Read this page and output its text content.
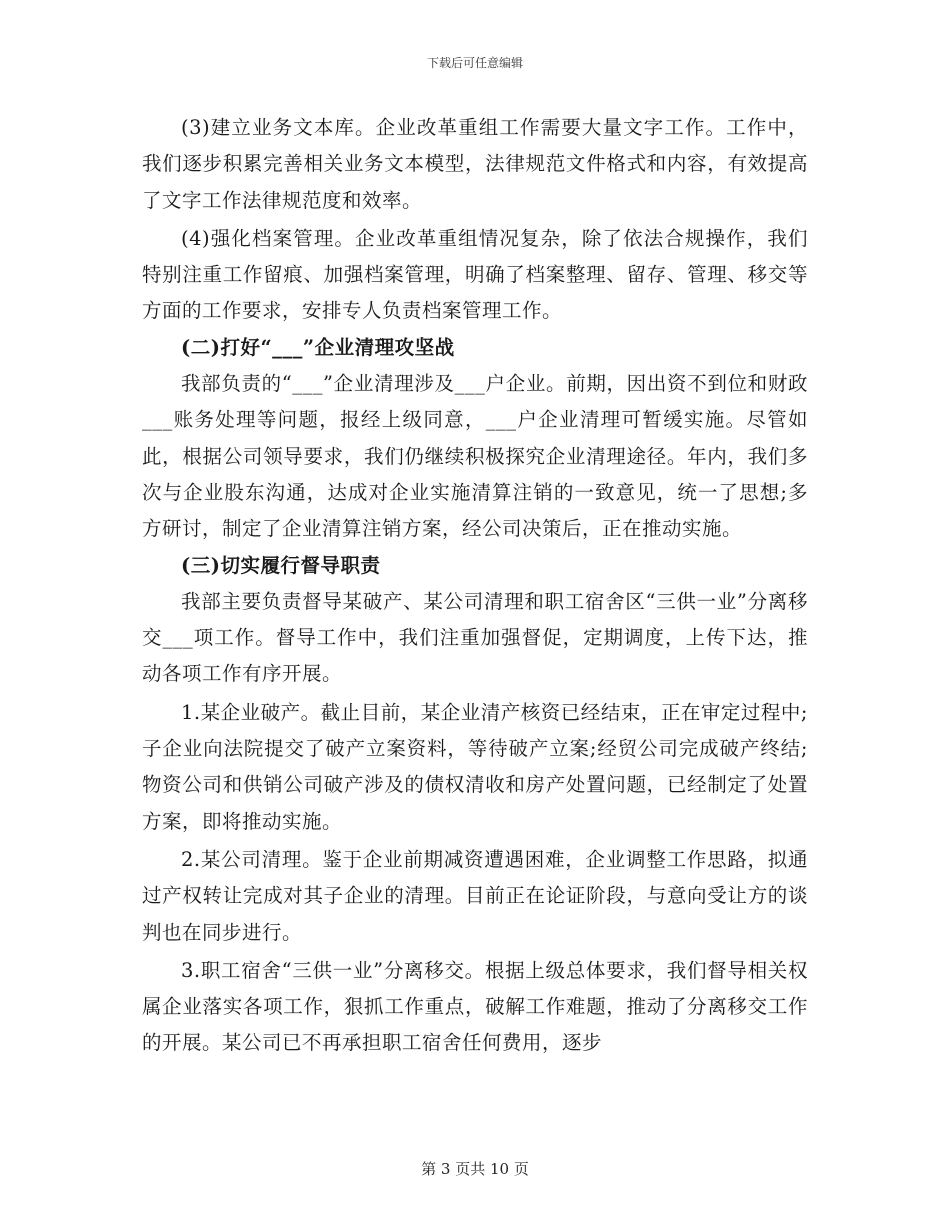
下载后可任意编辑

(3)建立业务文本库。企业改革重组工作需要大量文字工作。工作中，我们逐步积累完善相关业务文本模型，法律规范文件格式和内容，有效提高了文字工作法律规范度和效率。

(4)强化档案管理。企业改革重组情况复杂，除了依法合规操作，我们特别注重工作留痕、加强档案管理，明确了档案整理、留存、管理、移交等方面的工作要求，安排专人负责档案管理工作。

(二)打好“___”企业清理攻坚战

我部负责的“___”企业清理涉及___户企业。前期，因出资不到位和财政___账务处理等问题，报经上级同意，___户企业清理可暂缓实施。尽管如此，根据公司领导要求，我们仍继续积极探究企业清理途径。年内，我们多次与企业股东沟通，达成对企业实施清算注销的一致意见，统一了思想;多方研讨，制定了企业清算注销方案，经公司决策后，正在推动实施。

(三)切实履行督导职责

我部主要负责督导某破产、某公司清理和职工宿舍区“三供一业”分离移交___项工作。督导工作中，我们注重加强督促，定期调度，上传下达，推动各项工作有序开展。

1.某企业破产。截止目前，某企业清产核资已经结束，正在审定过程中;子企业向法院提交了破产立案资料，等待破产立案;经贸公司完成破产终结;物资公司和供销公司破产涉及的债权清收和房产处置问题，已经制定了处置方案，即将推动实施。

2.某公司清理。鉴于企业前期减资遭遇困难，企业调整工作思路，拟通过产权转让完成对其子企业的清理。目前正在论证阶段，与意向受让方的谈判也在同步进行。

3.职工宿舍“三供一业”分离移交。根据上级总体要求，我们督导相关权属企业落实各项工作，狠抓工作重点，破解工作难题，推动了分离移交工作的开展。某公司已不再承担职工宿舍任何费用，逐步

第 3 页共 10 页
